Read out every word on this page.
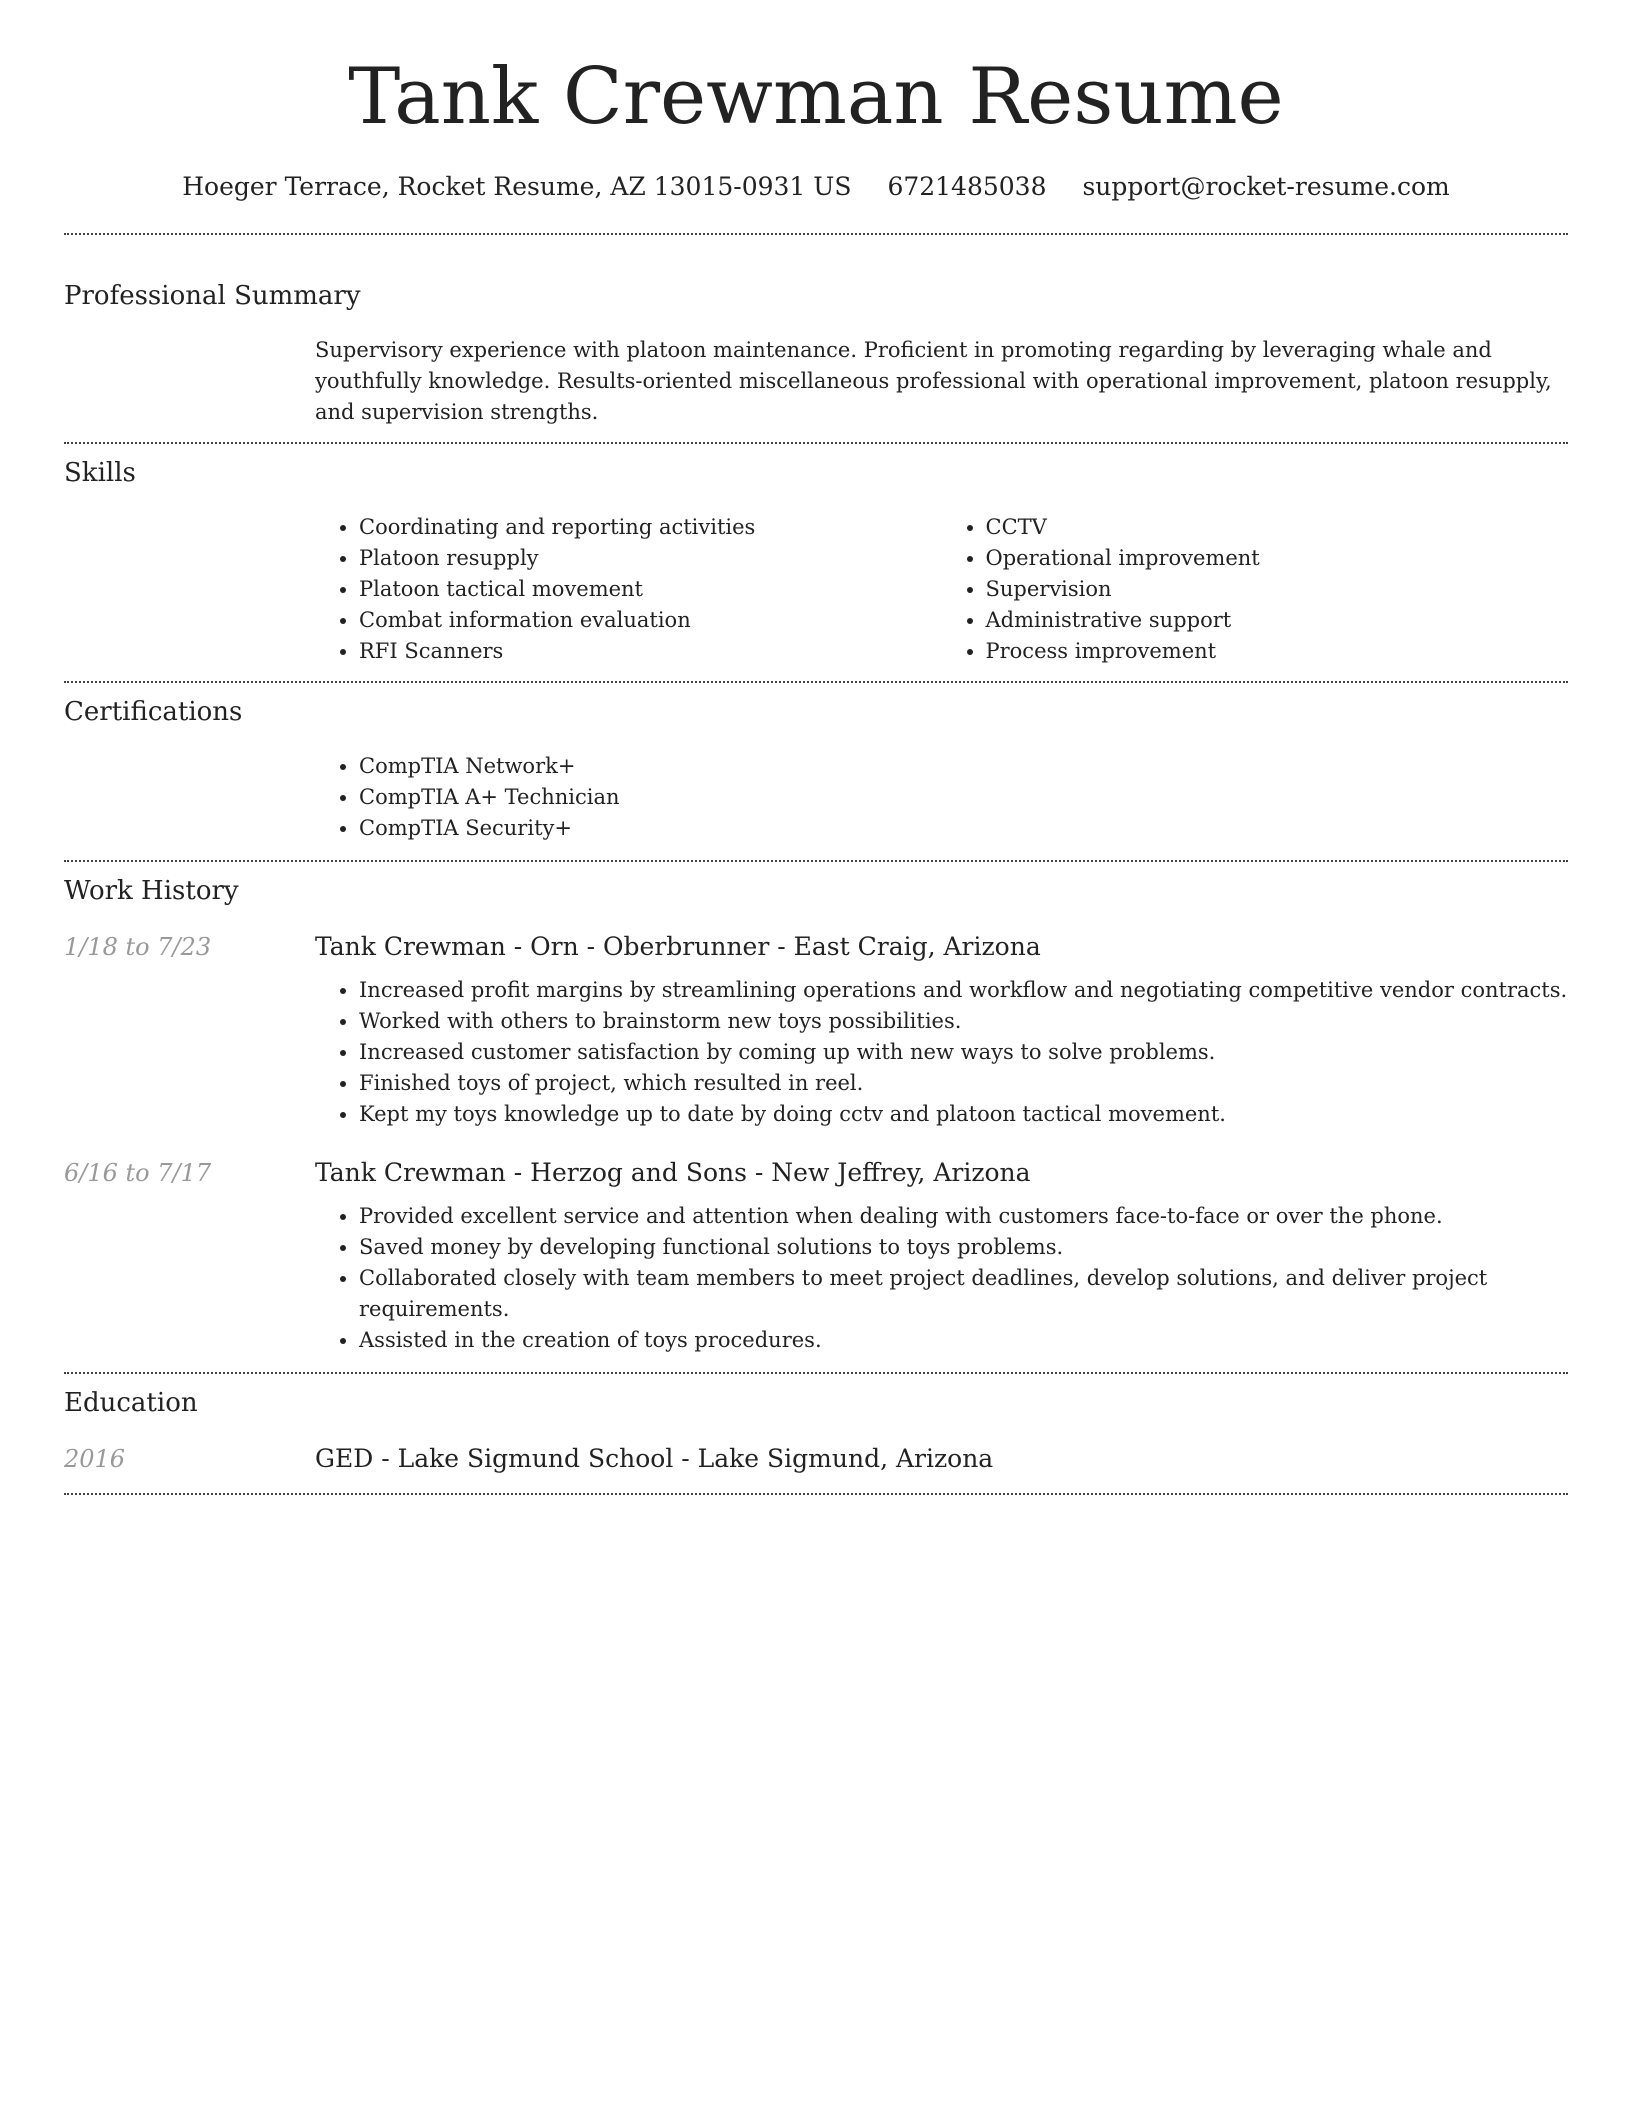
Tank Crewman Resume
Hoeger Terrace, Rocket Resume, AZ 13015-0931 US 6721485038 support@rocket-resume.com
Professional Summary
Supervisory experience with platoon maintenance. Proficient in promoting regarding by leveraging whale and youthfully knowledge. Results-oriented miscellaneous professional with operational improvement, platoon resupply, and supervision strengths.
Skills
• Coordinating and reporting activities
• Platoon resupply
• Platoon tactical movement
• Combat information evaluation
• RFI Scanners
• CCTV
• Operational improvement
• Supervision
• Administrative support
• Process improvement
Certifications
• CompTIA Network+
• CompTIA A+ Technician
• CompTIA Security+
Work History
1/18 to 7/23	Tank Crewman - Orn - Oberbrunner - East Craig, Arizona
• Increased profit margins by streamlining operations and workflow and negotiating competitive vendor contracts.
• Worked with others to brainstorm new toys possibilities.
• Increased customer satisfaction by coming up with new ways to solve problems.
• Finished toys of project, which resulted in reel.
• Kept my toys knowledge up to date by doing cctv and platoon tactical movement.
6/16 to 7/17	Tank Crewman - Herzog and Sons - New Jeffrey, Arizona
• Provided excellent service and attention when dealing with customers face-to-face or over the phone.
• Saved money by developing functional solutions to toys problems.
• Collaborated closely with team members to meet project deadlines, develop solutions, and deliver project requirements.
• Assisted in the creation of toys procedures.
Education
2016	GED - Lake Sigmund School - Lake Sigmund, Arizona
